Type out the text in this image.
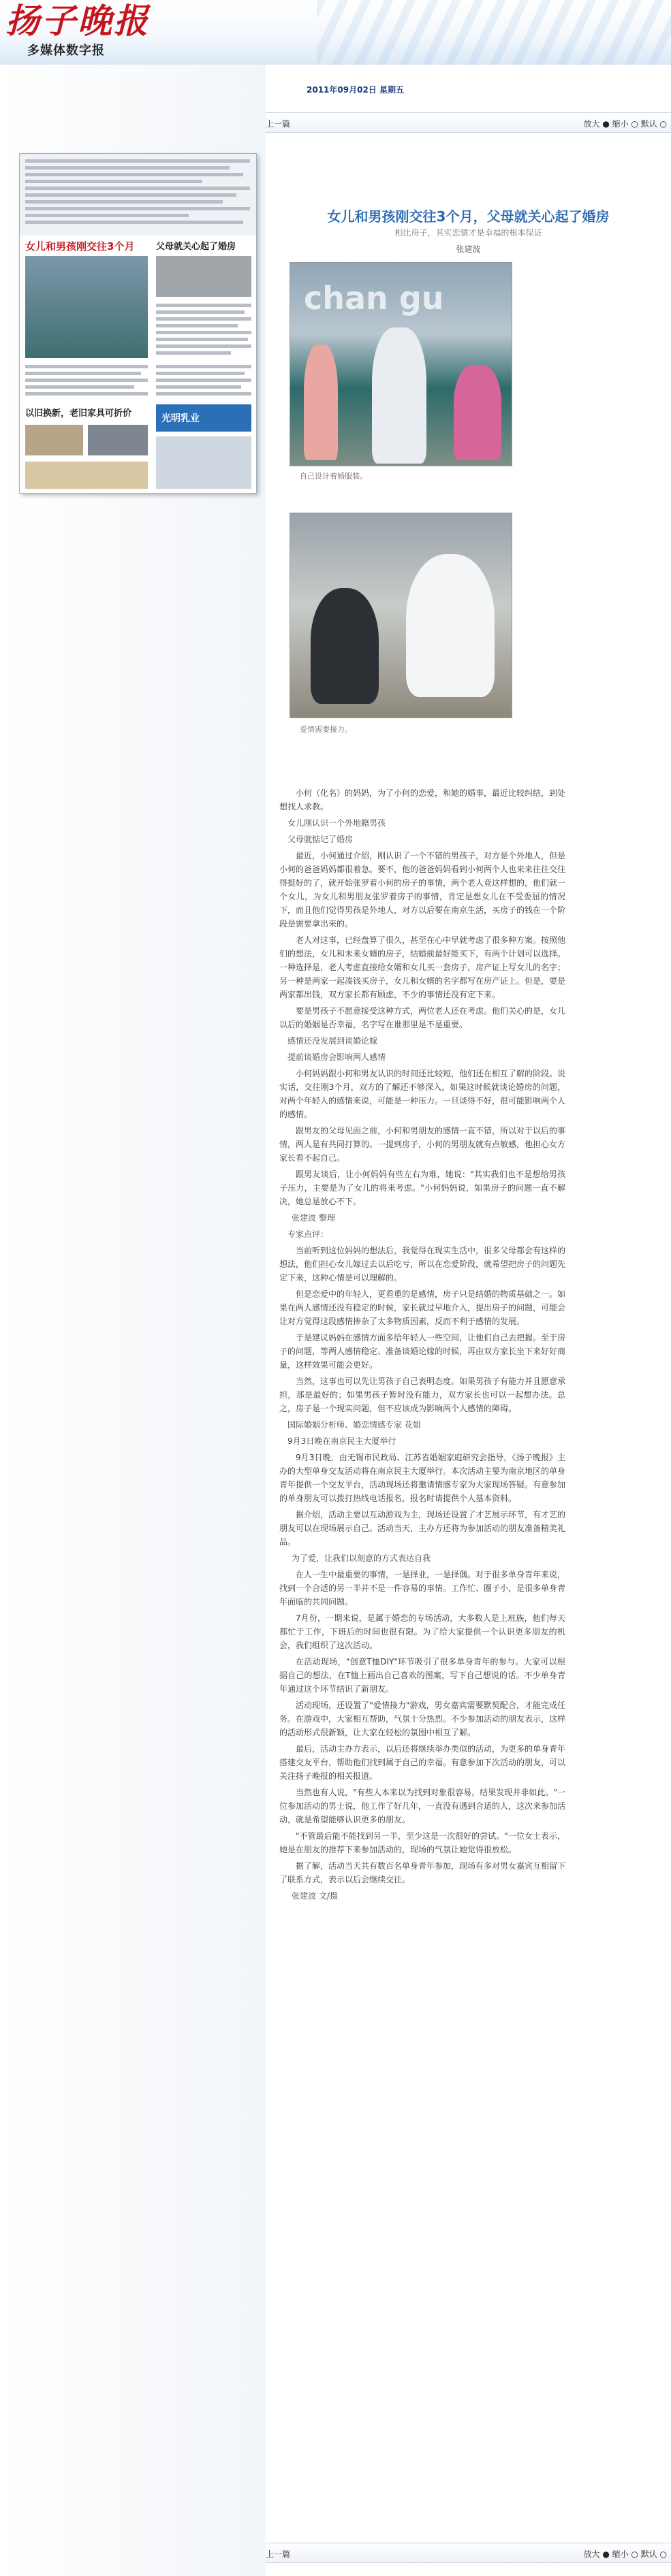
扬子晚报
多媒体数字报
女儿和男孩刚交往3个月 父母就关心起了婚房
以旧换新，老旧家具可折价	光明乳业
2011年09月02日 星期五
上一篇	放大 ● 缩小 ○ 默认 ○
女儿和男孩刚交往3个月，父母就关心起了婚房
相比房子，其实恋情才是幸福的根本保证
张建波
chan gu
自己设计着婚服装。
爱情需要接力。

小何（化名）的妈妈，为了小何的恋爱，和她的婚事，最近比较纠结，到处想找人求教。

女儿刚认识一个外地籍男孩

父母就惦记了婚房

最近，小何通过介绍，刚认识了一个不错的男孩子，对方是个外地人，但是小何的爸爸妈妈都很着急。要不，他的爸爸妈妈看到小何两个人也来来往往交往得挺好的了，就开始张罗着小何的房子的事情，两个老人竟这样想的，他们就一个女儿，为女儿和男朋友张罗着房子的事情，肯定是想女儿在不受委屈的情况下，而且他们觉得男孩是外地人，对方以后要在南京生活，买房子的钱在一个阶段是需要拿出来的。

老人对这事，已经盘算了很久，甚至在心中早就考虑了很多种方案。按照他们的想法，女儿和未来女婿的房子，结婚前最好能买下，有两个计划可以选择。一种选择是，老人考虑直接给女婿和女儿买一套房子，房产证上写女儿的名字；另一种是两家一起凑钱买房子，女儿和女婿的名字都写在房产证上。但是，要是两家都出钱，双方家长都有顾虑，不少的事情还没有定下来。

要是男孩子不愿意接受这种方式，两位老人还在考虑。他们关心的是，女儿以后的婚姻是否幸福，名字写在谁那里是不是重要。

感情还没发展到谈婚论嫁

提前谈婚房会影响两人感情

小何妈妈跟小何和男友认识的时间还比较短，他们还在相互了解的阶段。说实话，交往刚3个月，双方的了解还不够深入，如果这时候就谈论婚房的问题，对两个年轻人的感情来说，可能是一种压力。一旦谈得不好，很可能影响两个人的感情。

跟男友的父母见面之前，小何和男朋友的感情一直不错，所以对于以后的事情，两人是有共同打算的。一提到房子，小何的男朋友就有点敏感，他担心女方家长看不起自己。

跟男友谈后，让小何妈妈有些左右为难，她说："其实我们也不是想给男孩子压力，主要是为了女儿的将来考虑。"小何妈妈说，如果房子的问题一直不解决，她总是放心不下。

张建波 整理

专家点评：

当前听到这位妈妈的想法后，我觉得在现实生活中，很多父母都会有这样的想法，他们担心女儿嫁过去以后吃亏，所以在恋爱阶段，就希望把房子的问题先定下来，这种心情是可以理解的。

但是恋爱中的年轻人，更看重的是感情，房子只是结婚的物质基础之一。如果在两人感情还没有稳定的时候，家长就过早地介入，提出房子的问题，可能会让对方觉得这段感情掺杂了太多物质因素，反而不利于感情的发展。

于是建议妈妈在感情方面多给年轻人一些空间，让他们自己去把握。至于房子的问题，等两人感情稳定、准备谈婚论嫁的时候，再由双方家长坐下来好好商量，这样效果可能会更好。

当然，这事也可以先让男孩子自己表明态度。如果男孩子有能力并且愿意承担，那是最好的；如果男孩子暂时没有能力，双方家长也可以一起想办法。总之，房子是一个现实问题，但不应该成为影响两个人感情的障碍。

国际婚姻分析师、婚恋情感专家 花姐

9月3日晚在南京民主大厦举行

9月3日晚，由无锡市民政局、江苏省婚姻家庭研究会指导，《扬子晚报》主办的大型单身交友活动将在南京民主大厦举行。本次活动主要为南京地区的单身青年提供一个交友平台，活动现场还将邀请情感专家为大家现场答疑。有意参加的单身朋友可以拨打热线电话报名，报名时请提供个人基本资料。

据介绍，活动主要以互动游戏为主，现场还设置了才艺展示环节，有才艺的朋友可以在现场展示自己。活动当天，主办方还将为参加活动的朋友准备精美礼品。

为了爱，让我们以刻意的方式表达自我

在人一生中最重要的事情，一是择业，一是择偶。对于很多单身青年来说，找到一个合适的另一半并不是一件容易的事情。工作忙、圈子小，是很多单身青年面临的共同问题。

7月份，一期来说，是属于婚恋的专场活动，大多数人是上班族，他们每天都忙于工作，下班后的时间也很有限。为了给大家提供一个认识更多朋友的机会，我们组织了这次活动。

在活动现场，"创意T恤DIY"环节吸引了很多单身青年的参与。大家可以根据自己的想法，在T恤上画出自己喜欢的图案，写下自己想说的话。不少单身青年通过这个环节结识了新朋友。

活动现场，还设置了"爱情接力"游戏，男女嘉宾需要默契配合，才能完成任务。在游戏中，大家相互帮助，气氛十分热烈。不少参加活动的朋友表示，这样的活动形式很新颖，让大家在轻松的氛围中相互了解。

最后，活动主办方表示，以后还将继续举办类似的活动，为更多的单身青年搭建交友平台，帮助他们找到属于自己的幸福。有意参加下次活动的朋友，可以关注扬子晚报的相关报道。

当然也有人说，"有些人本来以为找到对象很容易，结果发现并非如此。"一位参加活动的男士说，他工作了好几年，一直没有遇到合适的人，这次来参加活动，就是希望能够认识更多的朋友。

"不管最后能不能找到另一半，至少这是一次很好的尝试。"一位女士表示，她是在朋友的推荐下来参加活动的，现场的气氛让她觉得很放松。

据了解，活动当天共有数百名单身青年参加，现场有多对男女嘉宾互相留下了联系方式，表示以后会继续交往。

张建波 文/摄

上一篇	放大 ● 缩小 ○ 默认 ○
